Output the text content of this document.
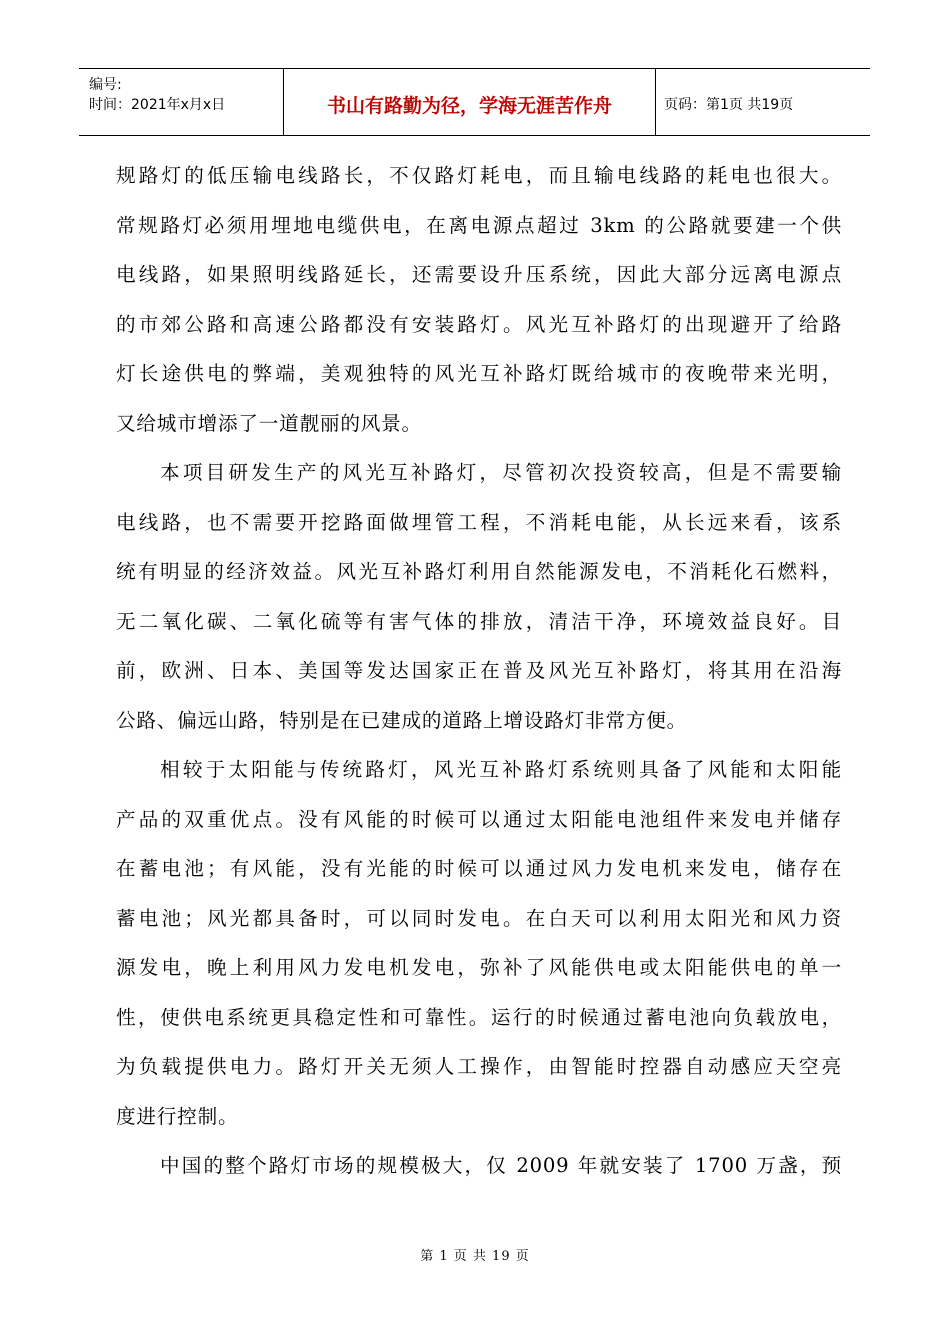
编号:
时间：2021年x月x日	书山有路勤为径，学海无涯苦作舟	页码：第1页 共19页
规路灯的低压输电线路长，不仅路灯耗电，而且输电线路的耗电也很大。
常规路灯必须用埋地电缆供电，在离电源点超过 3km 的公路就要建一个供
电线路，如果照明线路延长，还需要设升压系统，因此大部分远离电源点
的市郊公路和高速公路都没有安装路灯。风光互补路灯的出现避开了给路
灯长途供电的弊端，美观独特的风光互补路灯既给城市的夜晚带来光明，
又给城市增添了一道靓丽的风景。
本项目研发生产的风光互补路灯，尽管初次投资较高，但是不需要输
电线路，也不需要开挖路面做埋管工程，不消耗电能，从长远来看，该系
统有明显的经济效益。风光互补路灯利用自然能源发电，不消耗化石燃料，
无二氧化碳、二氧化硫等有害气体的排放，清洁干净，环境效益良好。目
前，欧洲、日本、美国等发达国家正在普及风光互补路灯，将其用在沿海
公路、偏远山路，特别是在已建成的道路上增设路灯非常方便。
相较于太阳能与传统路灯，风光互补路灯系统则具备了风能和太阳能
产品的双重优点。没有风能的时候可以通过太阳能电池组件来发电并储存
在蓄电池；有风能，没有光能的时候可以通过风力发电机来发电，储存在
蓄电池；风光都具备时，可以同时发电。在白天可以利用太阳光和风力资
源发电，晚上利用风力发电机发电，弥补了风能供电或太阳能供电的单一
性，使供电系统更具稳定性和可靠性。运行的时候通过蓄电池向负载放电，
为负载提供电力。路灯开关无须人工操作，由智能时控器自动感应天空亮
度进行控制。
中国的整个路灯市场的规模极大，仅 2009 年就安装了 1700 万盏，预
第 1 页 共 19 页
